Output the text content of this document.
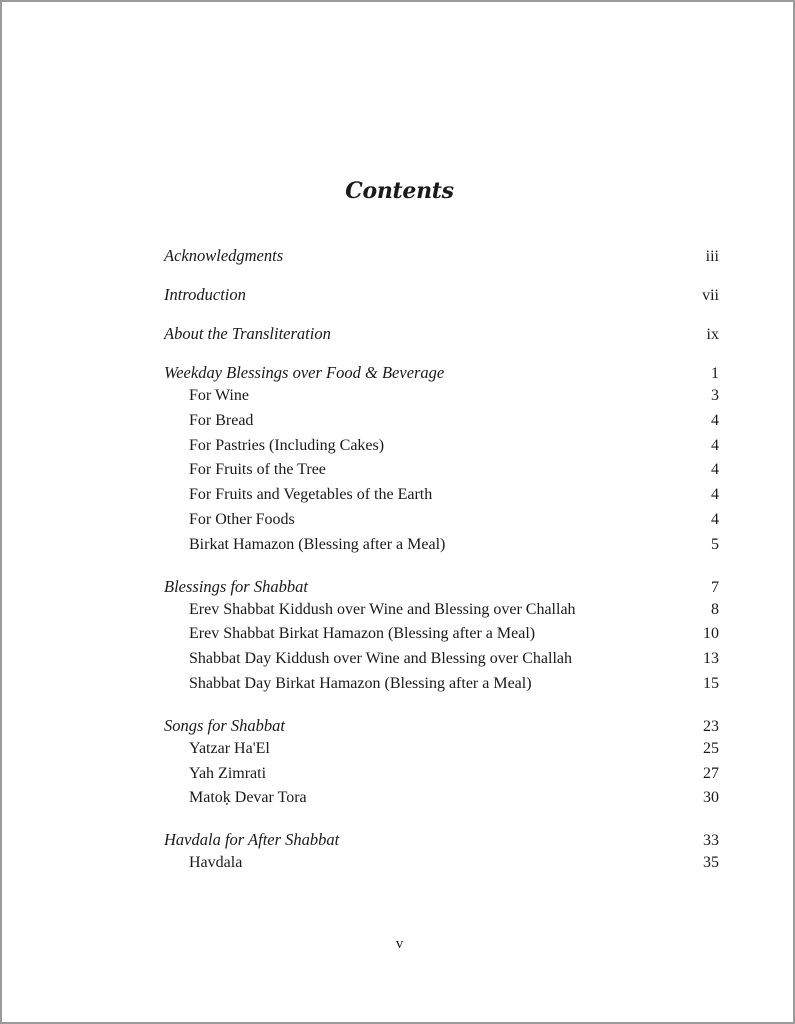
Contents
Acknowledgments	iii
Introduction	vii
About the Transliteration	ix
Weekday Blessings over Food & Beverage	1
For Wine	3
For Bread	4
For Pastries (Including Cakes)	4
For Fruits of the Tree	4
For Fruits and Vegetables of the Earth	4
For Other Foods	4
Birkat Hamazon (Blessing after a Meal)	5
Blessings for Shabbat	7
Erev Shabbat Kiddush over Wine and Blessing over Challah	8
Erev Shabbat Birkat Hamazon (Blessing after a Meal)	10
Shabbat Day Kiddush over Wine and Blessing over Challah	13
Shabbat Day Birkat Hamazon (Blessing after a Meal)	15
Songs for Shabbat	23
Yatzar Ha'El	25
Yah Zimrati	27
Matoḳ Devar Tora	30
Havdala for After Shabbat	33
Havdala	35
v
